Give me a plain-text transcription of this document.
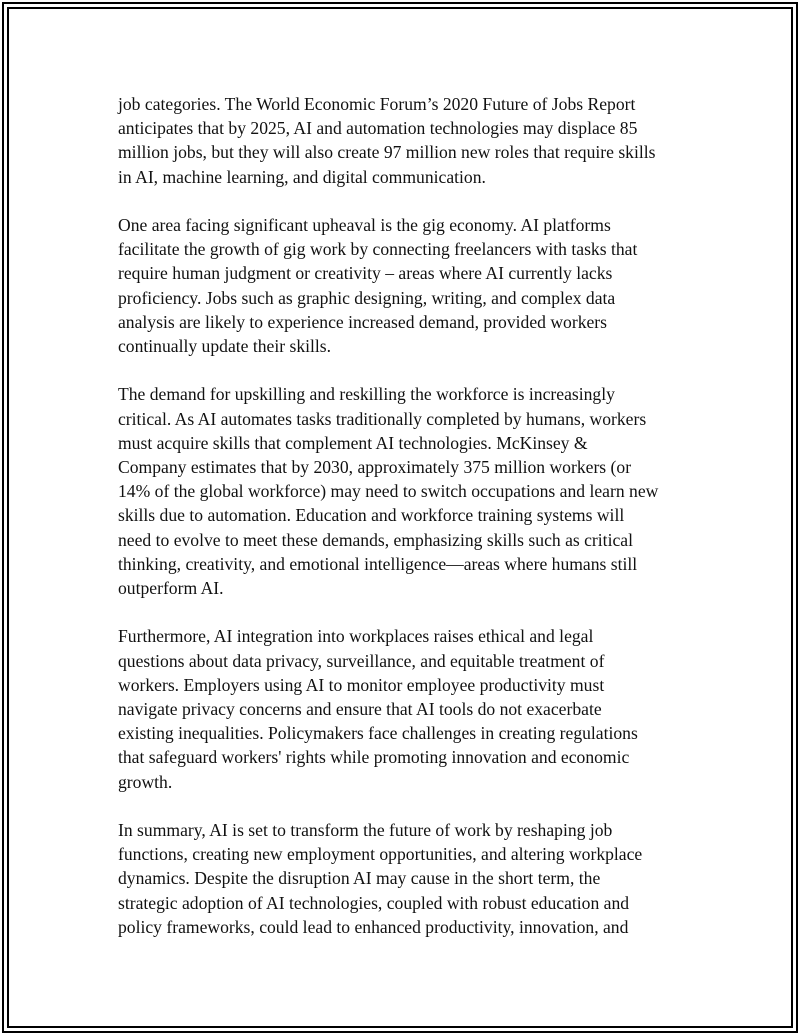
job categories. The World Economic Forum’s 2020 Future of Jobs Report
anticipates that by 2025, AI and automation technologies may displace 85
million jobs, but they will also create 97 million new roles that require skills
in AI, machine learning, and digital communication.

One area facing significant upheaval is the gig economy. AI platforms
facilitate the growth of gig work by connecting freelancers with tasks that
require human judgment or creativity – areas where AI currently lacks
proficiency. Jobs such as graphic designing, writing, and complex data
analysis are likely to experience increased demand, provided workers
continually update their skills.

The demand for upskilling and reskilling the workforce is increasingly
critical. As AI automates tasks traditionally completed by humans, workers
must acquire skills that complement AI technologies. McKinsey &
Company estimates that by 2030, approximately 375 million workers (or
14% of the global workforce) may need to switch occupations and learn new
skills due to automation. Education and workforce training systems will
need to evolve to meet these demands, emphasizing skills such as critical
thinking, creativity, and emotional intelligence—areas where humans still
outperform AI.

Furthermore, AI integration into workplaces raises ethical and legal
questions about data privacy, surveillance, and equitable treatment of
workers. Employers using AI to monitor employee productivity must
navigate privacy concerns and ensure that AI tools do not exacerbate
existing inequalities. Policymakers face challenges in creating regulations
that safeguard workers' rights while promoting innovation and economic
growth.

In summary, AI is set to transform the future of work by reshaping job
functions, creating new employment opportunities, and altering workplace
dynamics. Despite the disruption AI may cause in the short term, the
strategic adoption of AI technologies, coupled with robust education and
policy frameworks, could lead to enhanced productivity, innovation, and
